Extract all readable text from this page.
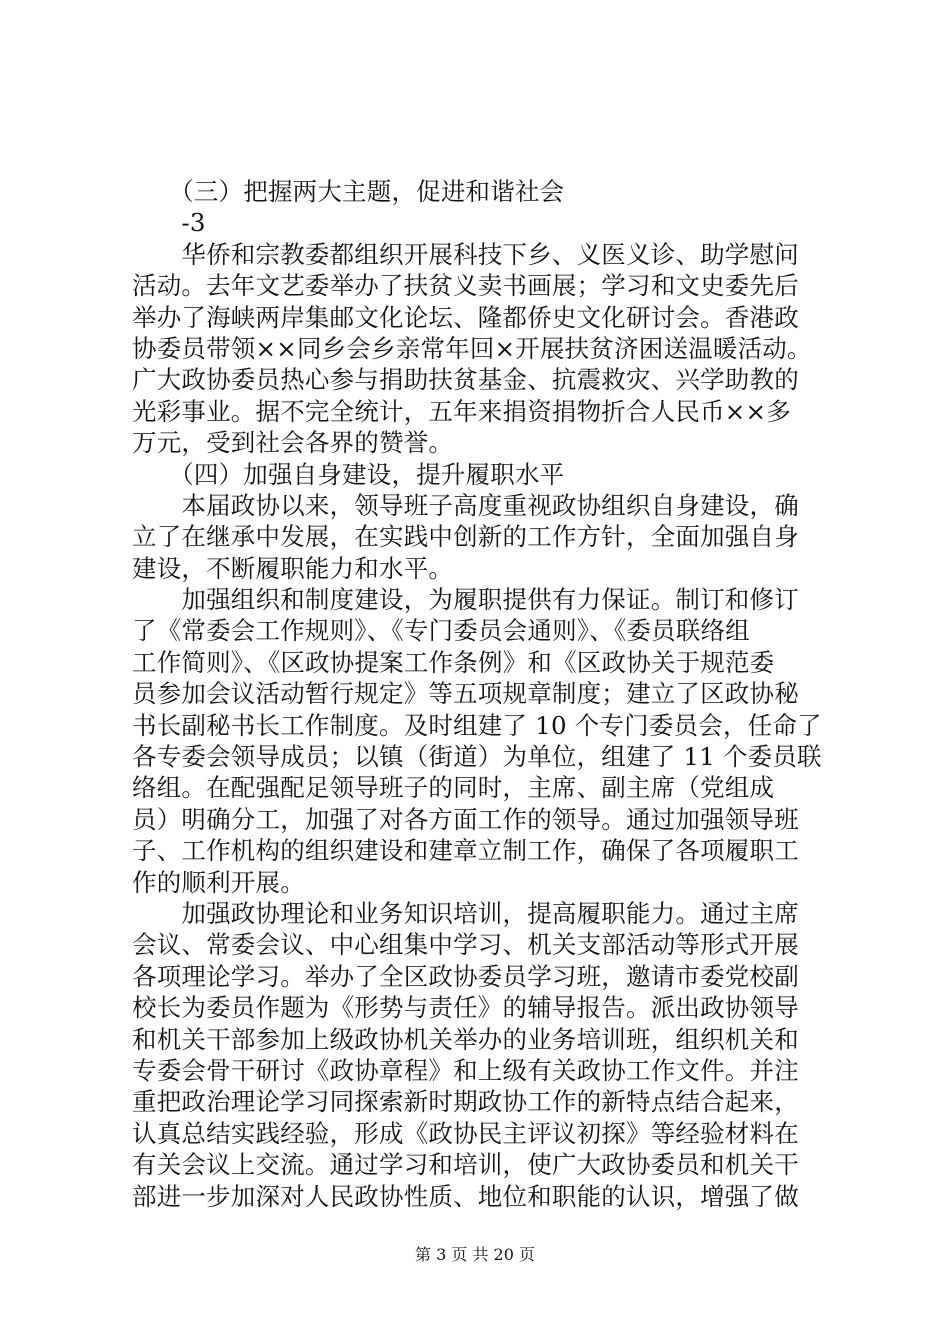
　　（三）把握两大主题，促进和谐社会
　　-3
　　华侨和宗教委都组织开展科技下乡、义医义诊、助学慰问
活动。去年文艺委举办了扶贫义卖书画展；学习和文史委先后
举办了海峡两岸集邮文化论坛、隆都侨史文化研讨会。香港政
协委员带领××同乡会乡亲常年回×开展扶贫济困送温暖活动。
广大政协委员热心参与捐助扶贫基金、抗震救灾、兴学助教的
光彩事业。据不完全统计，五年来捐资捐物折合人民币××多
万元，受到社会各界的赞誉。
　　（四）加强自身建设，提升履职水平
　　本届政协以来，领导班子高度重视政协组织自身建设，确
立了在继承中发展，在实践中创新的工作方针，全面加强自身
建设，不断履职能力和水平。
　　加强组织和制度建设，为履职提供有力保证。制订和修订
了《常委会工作规则》、《专门委员会通则》、《委员联络组
工作简则》、《区政协提案工作条例》和《区政协关于规范委
员参加会议活动暂行规定》等五项规章制度；建立了区政协秘
书长副秘书长工作制度。及时组建了 10 个专门委员会，任命了
各专委会领导成员；以镇（街道）为单位，组建了 11 个委员联
络组。在配强配足领导班子的同时，主席、副主席（党组成
员）明确分工，加强了对各方面工作的领导。通过加强领导班
子、工作机构的组织建设和建章立制工作，确保了各项履职工
作的顺利开展。
　　加强政协理论和业务知识培训，提高履职能力。通过主席
会议、常委会议、中心组集中学习、机关支部活动等形式开展
各项理论学习。举办了全区政协委员学习班，邀请市委党校副
校长为委员作题为《形势与责任》的辅导报告。派出政协领导
和机关干部参加上级政协机关举办的业务培训班，组织机关和
专委会骨干研讨《政协章程》和上级有关政协工作文件。并注
重把政治理论学习同探索新时期政协工作的新特点结合起来，
认真总结实践经验，形成《政协民主评议初探》等经验材料在
有关会议上交流。通过学习和培训，使广大政协委员和机关干
部进一步加深对人民政协性质、地位和职能的认识，增强了做
第 3 页 共 20 页
